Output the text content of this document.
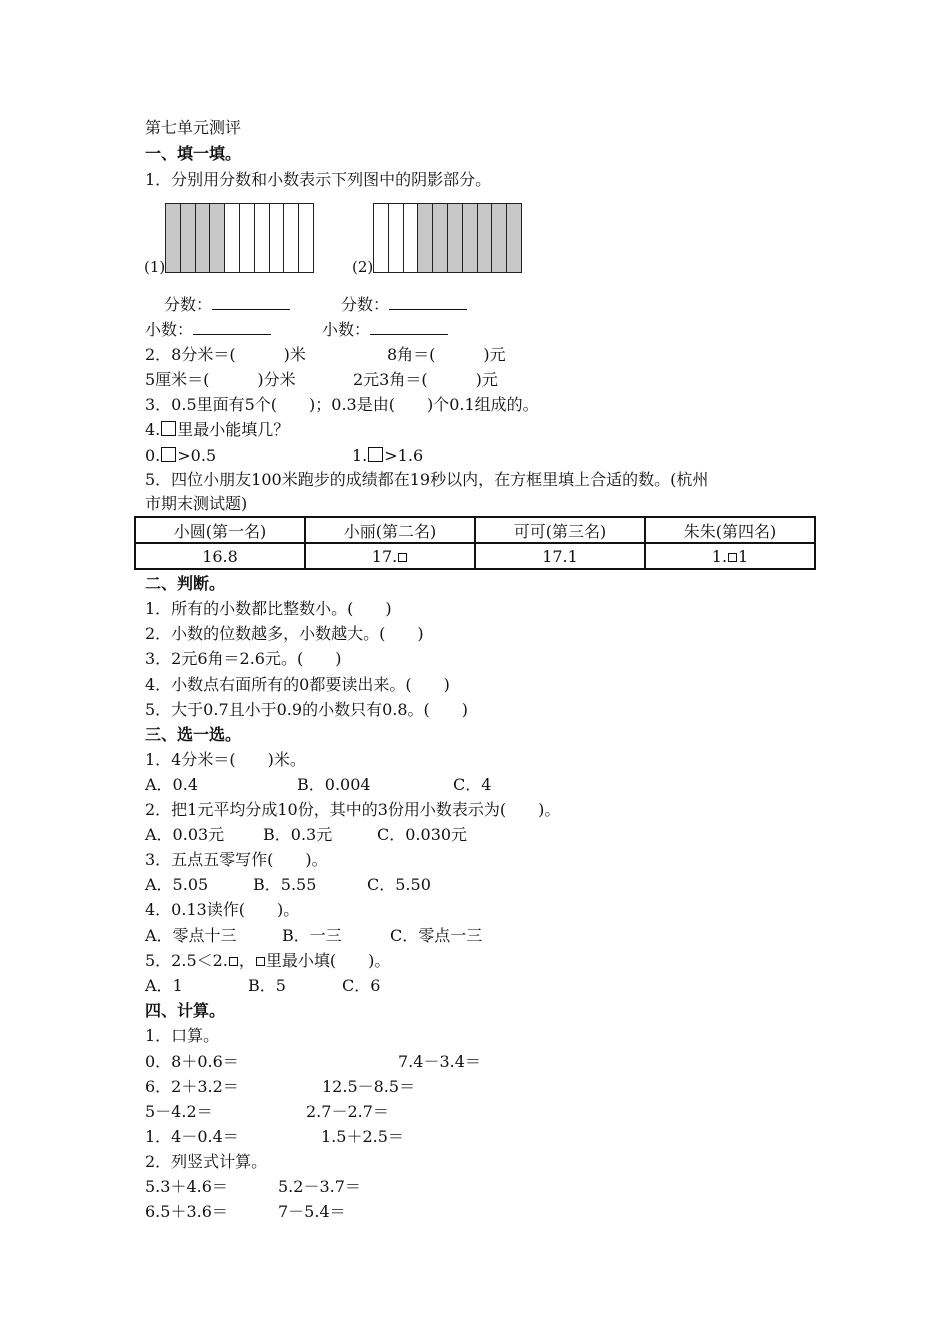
第七单元测评
一、填一填。
1．分别用分数和小数表示下列图中的阴影部分。
(1)	(2)
分数：	分数：
小数：	小数：
2．8分米＝(　　　)米	8角＝(　　　)元
5厘米＝(　　　)分米	2元3角＝(　　　)元
3．0.5里面有5个(　　)；0.3是由(　　)个0.1组成的。
4. 里最小能填几？
0. >0.5	1. >1.6
5．四位小朋友100米跑步的成绩都在19秒以内，在方框里填上合适的数。(杭州
市期末测试题)
小圆(第一名)	小丽(第二名)	可可(第三名)	朱朱(第四名)
16.8	17.	17.1	1. 1
二、判断。
1．所有的小数都比整数小。(　　)
2．小数的位数越多，小数越大。(　　)
3．2元6角＝2.6元。(　　)
4．小数点右面所有的0都要读出来。(　　)
5．大于0.7且小于0.9的小数只有0.8。(　　)
三、选一选。
1．4分米＝(　　)米。
A．0.4	B．0.004	C．4
2．把1元平均分成10份，其中的3份用小数表示为(　　)。
A．0.03元 B．0.3元	C．0.030元
3．五点五零写作(　　)。
A．5.05	B．5.55	C．5.50
4．0.13读作(　　)。
A．零点十三	B．一三	C．零点一三
5．2.5＜2. ， 里最小填(　　)。
A．1	B．5	C．6
四、计算。
1．口算。
0．8＋0.6＝	7.4－3.4＝
6．2＋3.2＝	12.5－8.5＝
5－4.2＝	2.7－2.7＝
1．4－0.4＝	1.5＋2.5＝
2．列竖式计算。
5.3＋4.6＝	5.2－3.7＝
6.5＋3.6＝	7－5.4＝
